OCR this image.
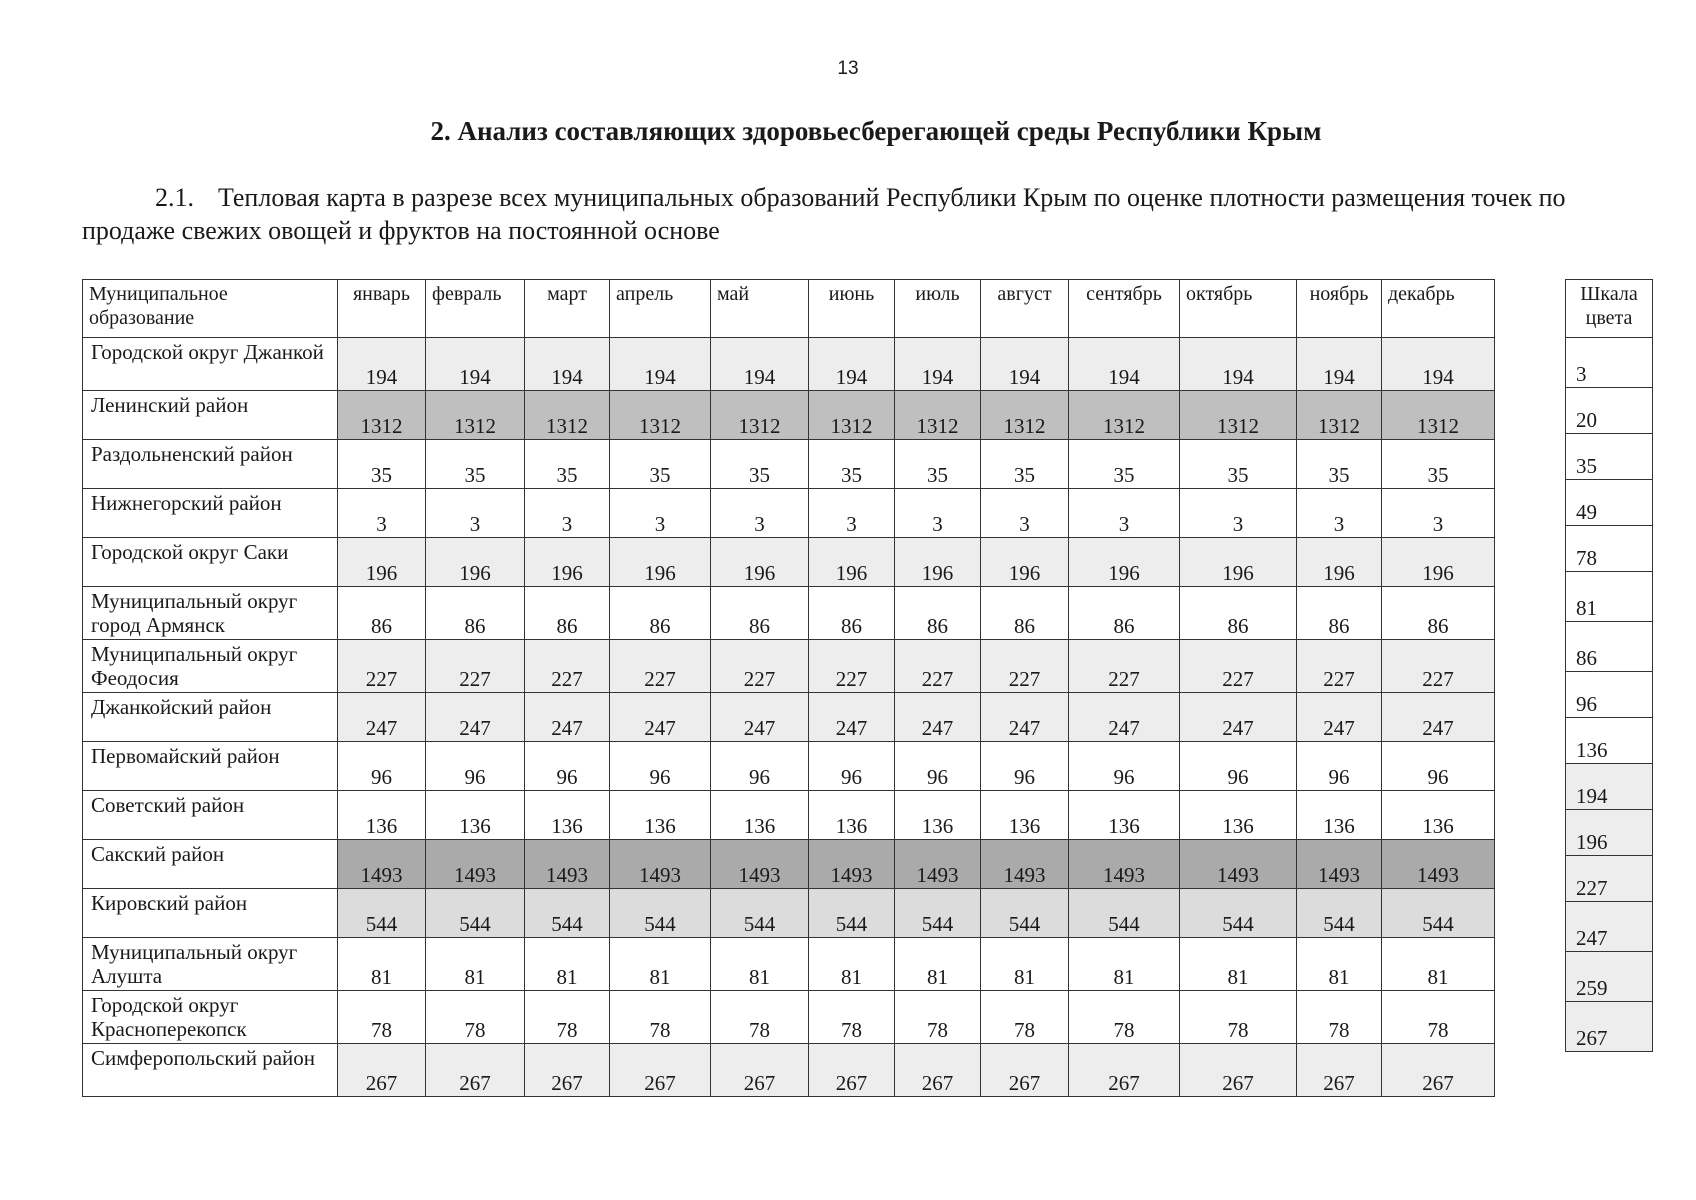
13
2. Анализ составляющих здоровьесберегающей среды Республики Крым
2.1. Тепловая карта в разрезе всех муниципальных образований Республики Крым по оценке плотности размещения точек по продаже свежих овощей и фруктов на постоянной основе
Муниципальное образование	январь	февраль	март	апрель	май	июнь	июль	август	сентябрь	октябрь	ноябрь	декабрь
Городской округ Джанкой	194	194	194	194	194	194	194	194	194	194	194	194
Ленинский район	1312	1312	1312	1312	1312	1312	1312	1312	1312	1312	1312	1312
Раздольненский район	35	35	35	35	35	35	35	35	35	35	35	35
Нижнегорский район	3	3	3	3	3	3	3	3	3	3	3	3
Городской округ Саки	196	196	196	196	196	196	196	196	196	196	196	196
Муниципальный округ город Армянск	86	86	86	86	86	86	86	86	86	86	86	86
Муниципальный округ Феодосия	227	227	227	227	227	227	227	227	227	227	227	227
Джанкойский район	247	247	247	247	247	247	247	247	247	247	247	247
Первомайский район	96	96	96	96	96	96	96	96	96	96	96	96
Советский район	136	136	136	136	136	136	136	136	136	136	136	136
Сакский район	1493	1493	1493	1493	1493	1493	1493	1493	1493	1493	1493	1493
Кировский район	544	544	544	544	544	544	544	544	544	544	544	544
Муниципальный округ Алушта	81	81	81	81	81	81	81	81	81	81	81	81
Городской округ Красноперекопск	78	78	78	78	78	78	78	78	78	78	78	78
Симферопольский район	267	267	267	267	267	267	267	267	267	267	267	267
Шкала цвета
3
20
35
49
78
81
86
96
136
194
196
227
247
259
267
